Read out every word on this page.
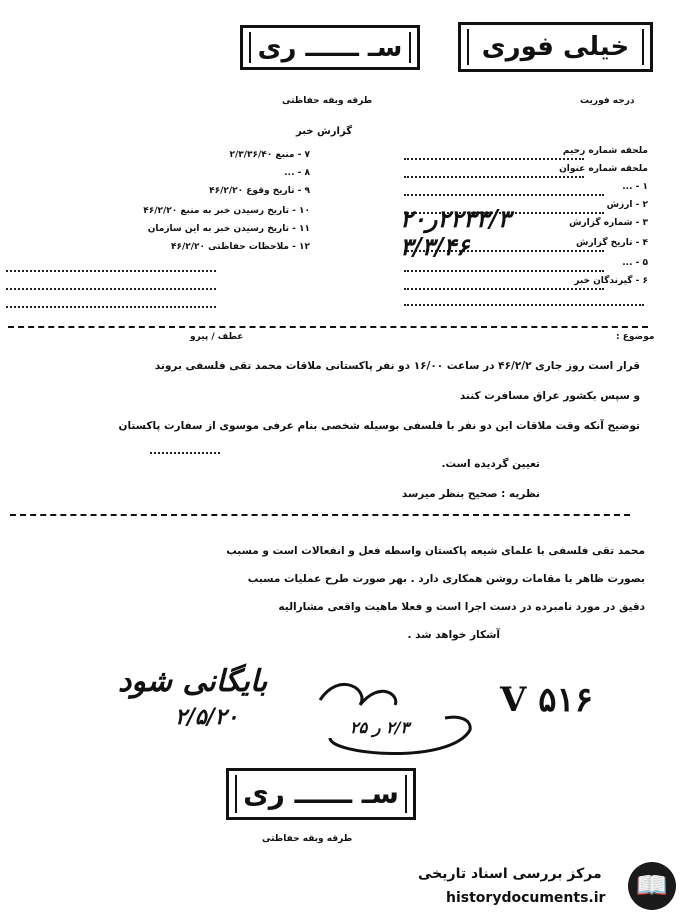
خیلی فوری
سـ ــــــ ری
درجه فوریت
طرقه وبقه حفاظتی
گزارش خبر
ملحقه شماره رحیم
ملحقه شماره عنوان
۱ - ...
۲ - ارزش
۳ - شماره گزارش
۴ - تاریخ گزارش
۵ - ...
۶ - گیرندگان خبر
۲۲۳۳/۳ر۲۰
۳/۳/۴۶
۷ - منبع ۲/۳/۳۶/۴۰
۸ - ...
۹ - تاریخ وقوع ۴۶/۲/۲۰
۱۰ - تاریخ رسیدن خبر به منبع ۴۶/۲/۲۰
۱۱ - تاریخ رسیدن خبر به این سازمان
۱۲ - ملاحظات حفاظتی ۴۶/۲/۲۰
موضوع :
عطف / پیرو
قرار است روز جاری ۴۶/۲/۲ در ساعت ۱۶/۰۰ دو نفر پاکستانی ملاقات محمد تقی فلسفی بروند
و سپس بکشور عراق مسافرت کنند
توضیح آنکه وقت ملاقات این دو نفر با فلسفی بوسیله شخصی بنام عرفی موسوی از سفارت پاکستان
تعیین گردیده است.
نظریه : صحیح بنظر میرسد
محمد تقی فلسفی با علمای شیعه پاکستان واسطه فعل و انفعالات است و مسبب
بصورت ظاهر با مقامات روشن همکاری دارد . بهر صورت طرح عملیات مسبب
دقیق در مورد نامبرده در دست اجرا است و فعلا ماهیت واقعی مشارالیه
آشکار خواهد شد .
بایگانی شود
۲/۵/۲۰	۲/۳ ر ۲۵
V ۵۱۶
سـ ــــــ ری
طرقه وبقه حفاظتی
📖
مرکز بررسی اسناد تاریخی
historydocuments.ir
